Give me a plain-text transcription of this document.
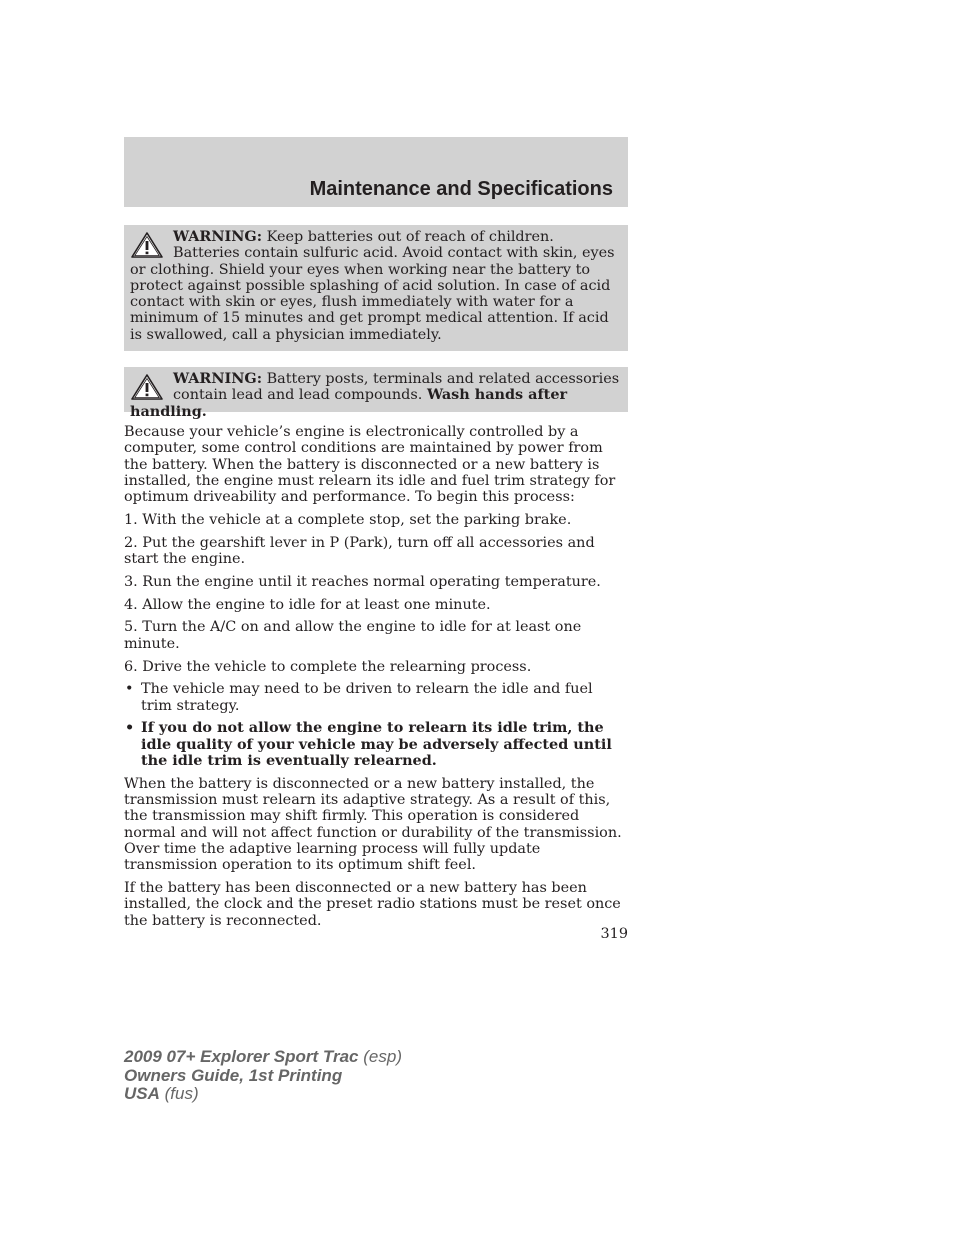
Maintenance and Specifications

WARNING: Keep batteries out of reach of children. Batteries contain sulfuric acid. Avoid contact with skin, eyes or clothing. Shield your eyes when working near the battery to protect against possible splashing of acid solution. In case of acid contact with skin or eyes, flush immediately with water for a minimum of 15 minutes and get prompt medical attention. If acid is swallowed, call a physician immediately.

WARNING: Battery posts, terminals and related accessories contain lead and lead compounds. Wash hands after handling.

Because your vehicle’s engine is electronically controlled by a computer, some control conditions are maintained by power from the battery. When the battery is disconnected or a new battery is installed, the engine must relearn its idle and fuel trim strategy for optimum driveability and performance. To begin this process:

1. With the vehicle at a complete stop, set the parking brake.

2. Put the gearshift lever in P (Park), turn off all accessories and start the engine.

3. Run the engine until it reaches normal operating temperature.

4. Allow the engine to idle for at least one minute.

5. Turn the A/C on and allow the engine to idle for at least one minute.

6. Drive the vehicle to complete the relearning process.

• The vehicle may need to be driven to relearn the idle and fuel trim strategy.
• If you do not allow the engine to relearn its idle trim, the idle quality of your vehicle may be adversely affected until the idle trim is eventually relearned.

When the battery is disconnected or a new battery installed, the transmission must relearn its adaptive strategy. As a result of this, the transmission may shift firmly. This operation is considered normal and will not affect function or durability of the transmission. Over time the adaptive learning process will fully update transmission operation to its optimum shift feel.

If the battery has been disconnected or a new battery has been installed, the clock and the preset radio stations must be reset once the battery is reconnected.

319
2009 07+ Explorer Sport Trac (esp)
Owners Guide, 1st Printing
USA (fus)
